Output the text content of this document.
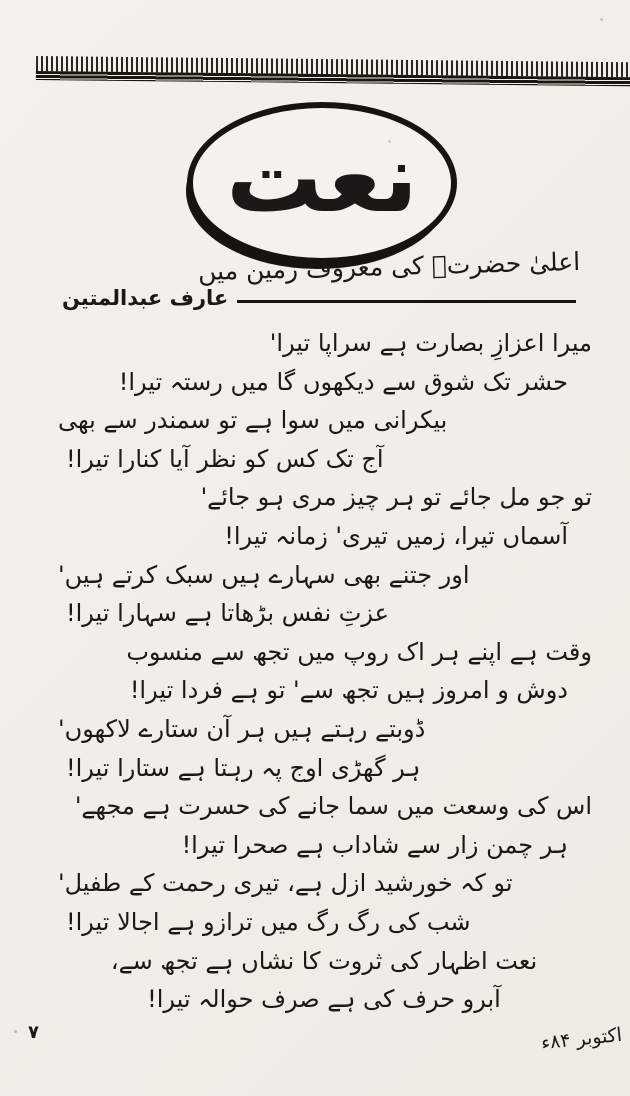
نعت
اعلیٰ حضرتؒ کی معروف زمین میں
عارف عبدالمتین
میرا اعزازِ بصارت ہے سراپا تیرا'
حشر تک شوق سے دیکھوں گا میں رستہ تیرا!
بیکرانی میں سوا ہے تو سمندر سے بھی
آج تک کس کو نظر آیا کنارا تیرا!
تو جو مل جائے تو ہر چیز مری ہو جائے'
آسماں تیرا، زمیں تیری' زمانہ تیرا!
اور جتنے بھی سہارے ہیں سبک کرتے ہیں'
عزتِ نفس بڑھاتا ہے سہارا تیرا!
وقت ہے اپنے ہر اک روپ میں تجھ سے منسوب
دوش و امروز ہیں تجھ سے' تو ہے فردا تیرا!
ڈوبتے رہتے ہیں ہر آن ستارے لاکھوں'
ہر گھڑی اوج پہ رہتا ہے ستارا تیرا!
اس کی وسعت میں سما جانے کی حسرت ہے مجھے'
ہر چمن زار سے شاداب ہے صحرا تیرا!
تو کہ خورشید ازل ہے، تیری رحمت کے طفیل'
شب کی رگ رگ میں ترازو ہے اجالا تیرا!
نعت اظہار کی ثروت کا نشاں ہے تجھ سے،
آبرو حرف کی ہے صرف حوالہ تیرا!
۷	اکتوبر ۸۴ء
